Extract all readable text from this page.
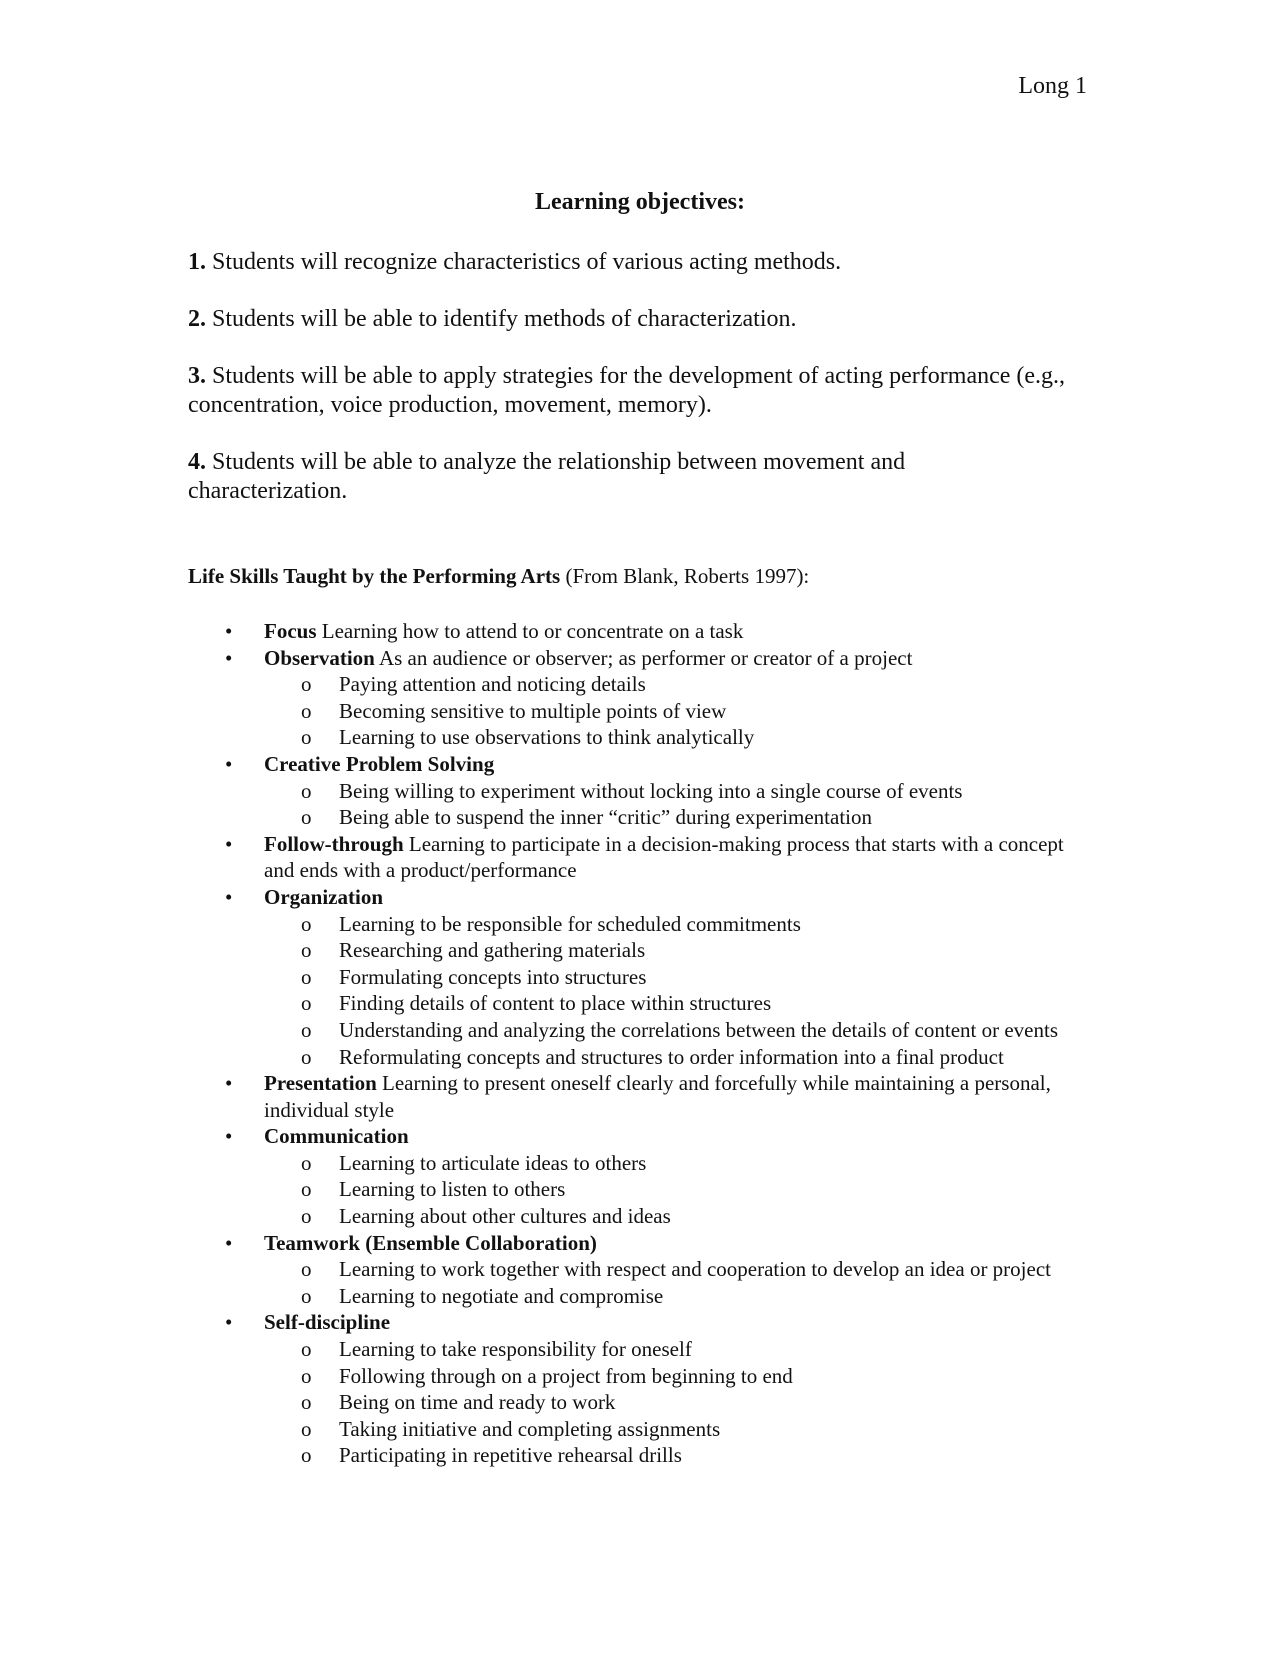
Long 1
Learning objectives:
1. Students will recognize characteristics of various acting methods.
2. Students will be able to identify methods of characterization.
3. Students will be able to apply strategies for the development of acting performance (e.g., concentration, voice production, movement, memory).
4. Students will be able to analyze the relationship between movement and characterization.
Life Skills Taught by the Performing Arts (From Blank, Roberts 1997):
• Focus Learning how to attend to or concentrate on a task
• Observation As an audience or observer; as performer or creator of a project
o Paying attention and noticing details
o Becoming sensitive to multiple points of view
o Learning to use observations to think analytically
• Creative Problem Solving
o Being willing to experiment without locking into a single course of events
o Being able to suspend the inner “critic” during experimentation
• Follow-through Learning to participate in a decision-making process that starts with a concept and ends with a product/performance
• Organization
o Learning to be responsible for scheduled commitments
o Researching and gathering materials
o Formulating concepts into structures
o Finding details of content to place within structures
o Understanding and analyzing the correlations between the details of content or events
o Reformulating concepts and structures to order information into a final product
• Presentation Learning to present oneself clearly and forcefully while maintaining a personal, individual style
• Communication
o Learning to articulate ideas to others
o Learning to listen to others
o Learning about other cultures and ideas
• Teamwork (Ensemble Collaboration)
o Learning to work together with respect and cooperation to develop an idea or project
o Learning to negotiate and compromise
• Self-discipline
o Learning to take responsibility for oneself
o Following through on a project from beginning to end
o Being on time and ready to work
o Taking initiative and completing assignments
o Participating in repetitive rehearsal drills
